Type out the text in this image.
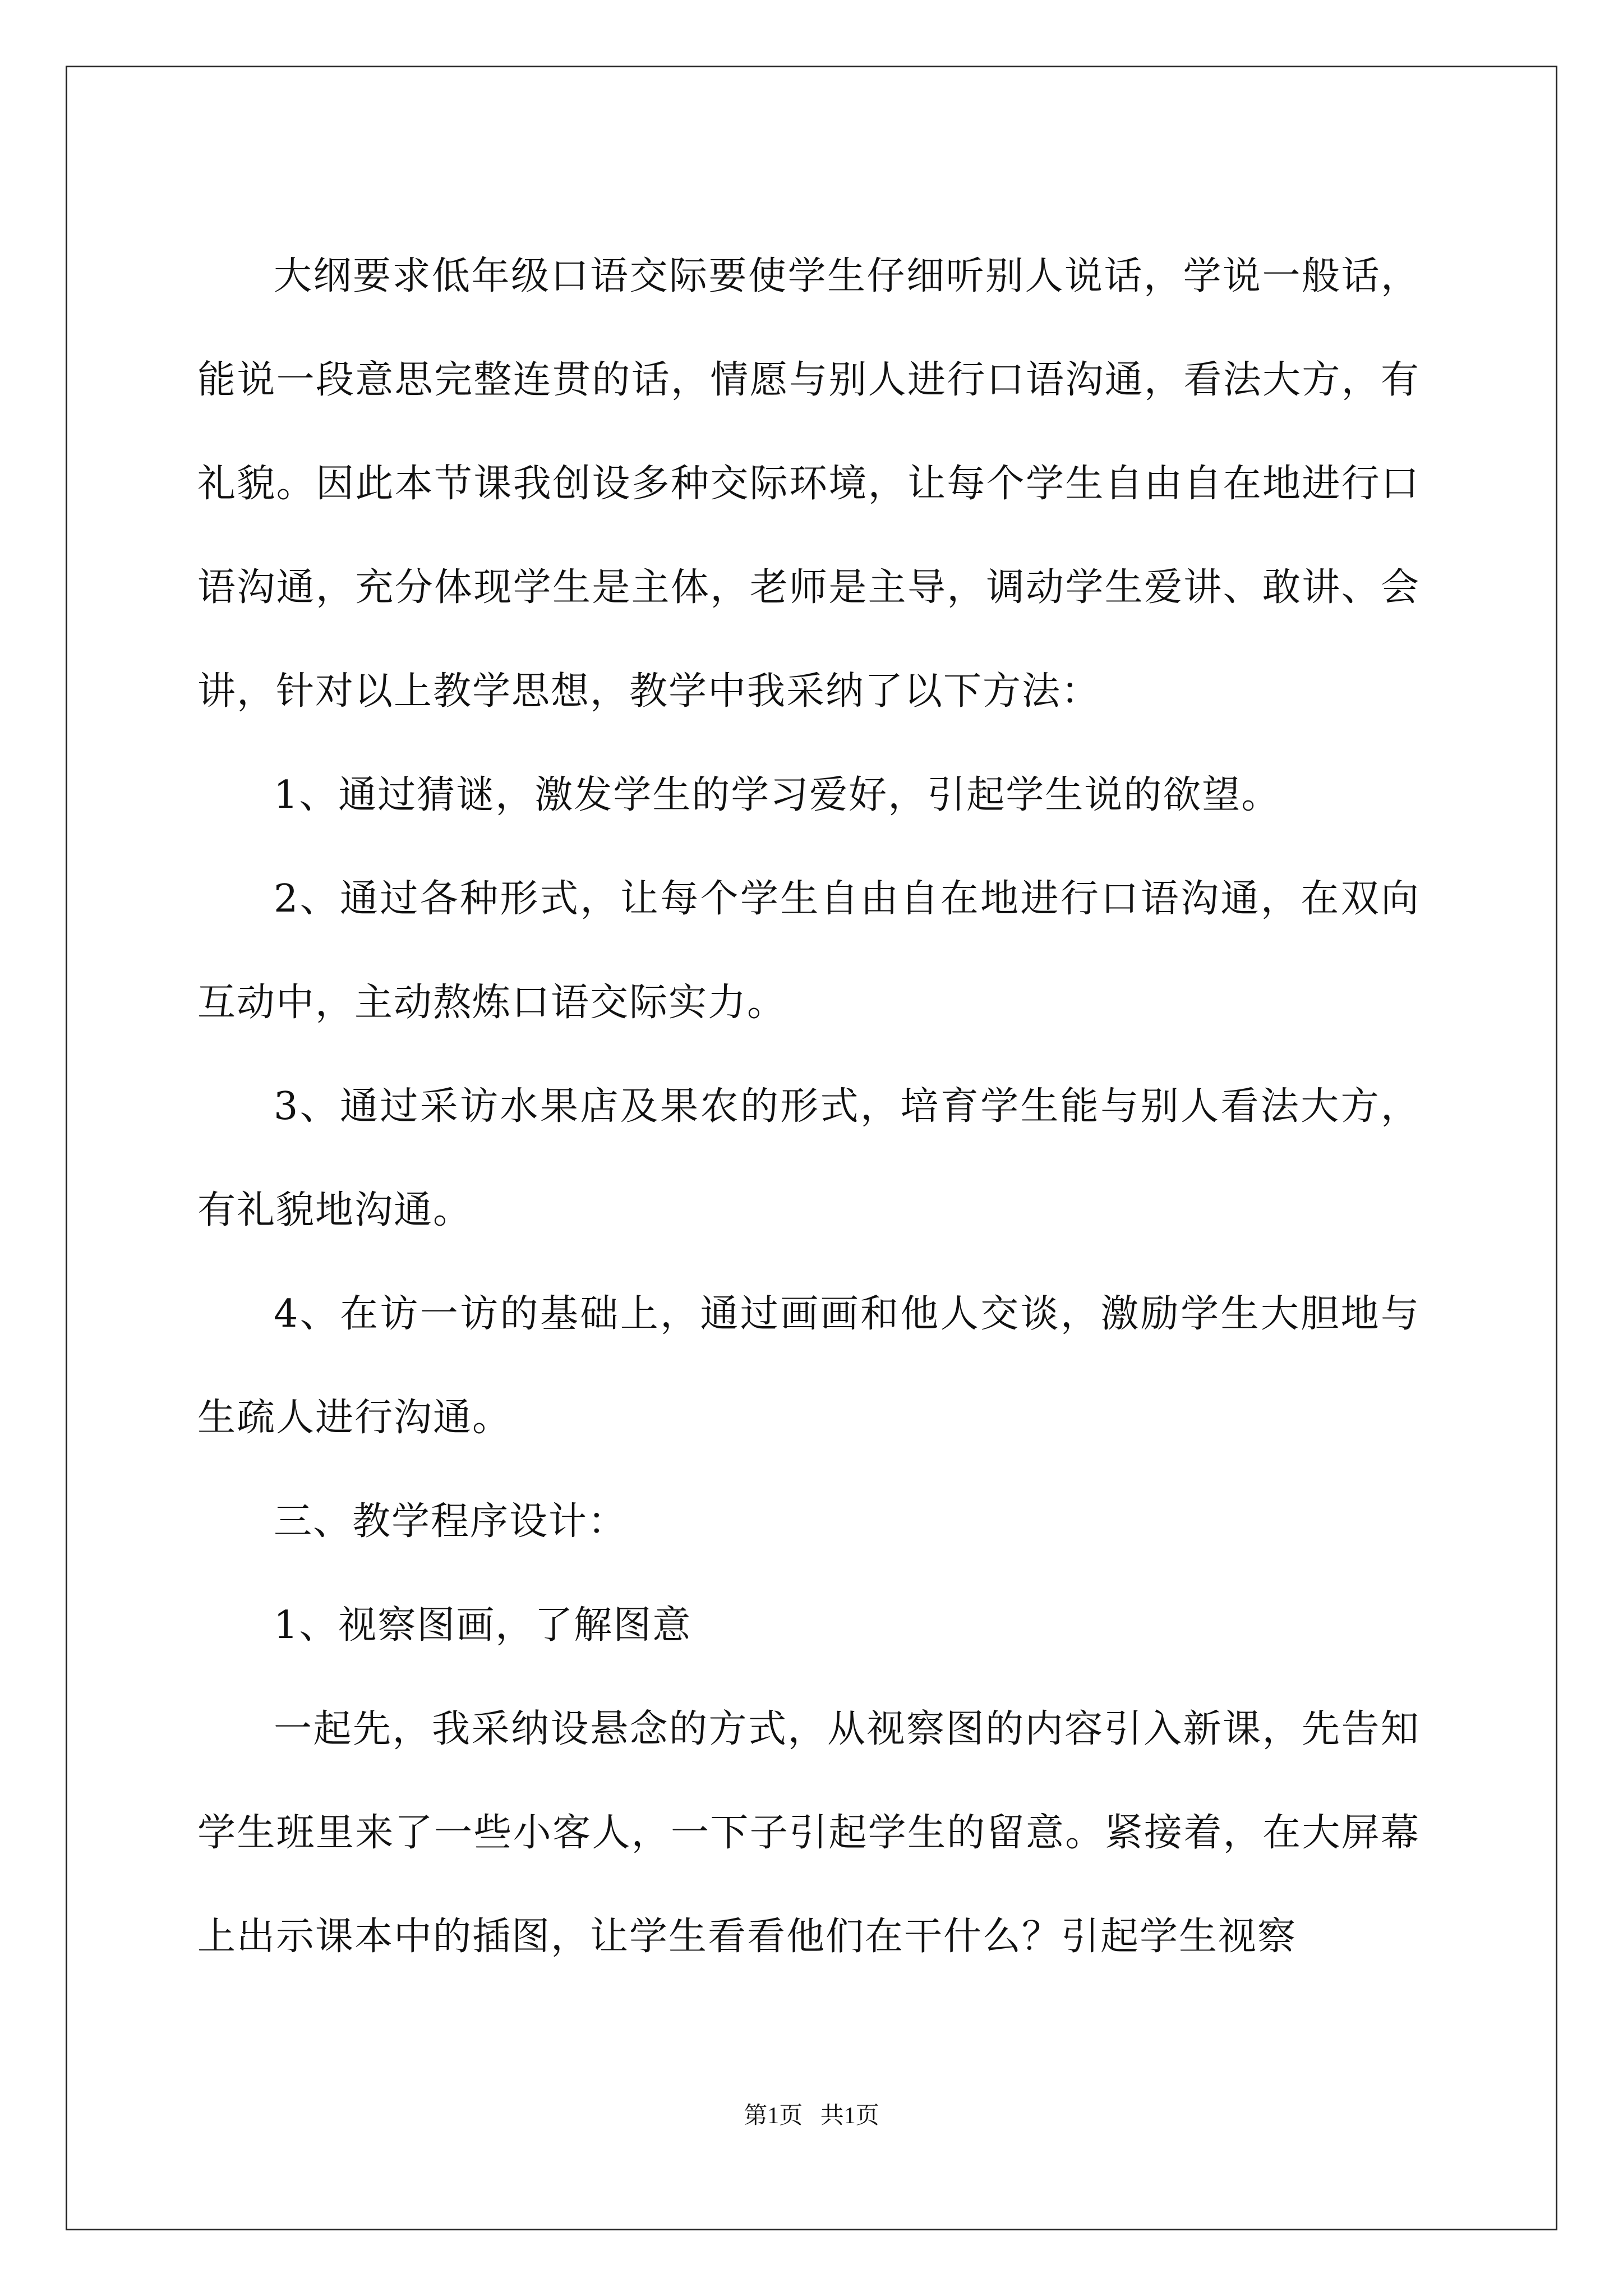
大纲要求低年级口语交际要使学生仔细听别人说话，学说一般话，能说一段意思完整连贯的话，情愿与别人进行口语沟通，看法大方，有礼貌。因此本节课我创设多种交际环境，让每个学生自由自在地进行口语沟通，充分体现学生是主体，老师是主导，调动学生爱讲、敢讲、会讲，针对以上教学思想，教学中我采纳了以下方法：

1、通过猜谜，激发学生的学习爱好，引起学生说的欲望。

2、通过各种形式，让每个学生自由自在地进行口语沟通，在双向互动中，主动熬炼口语交际实力。

3、通过采访水果店及果农的形式，培育学生能与别人看法大方，有礼貌地沟通。

4、在访一访的基础上，通过画画和他人交谈，激励学生大胆地与生疏人进行沟通。

三、教学程序设计：

1、视察图画，了解图意

一起先，我采纳设悬念的方式，从视察图的内容引入新课，先告知学生班里来了一些小客人，一下子引起学生的留意。紧接着，在大屏幕上出示课本中的插图，让学生看看他们在干什么？引起学生视察

第1页 共1页
